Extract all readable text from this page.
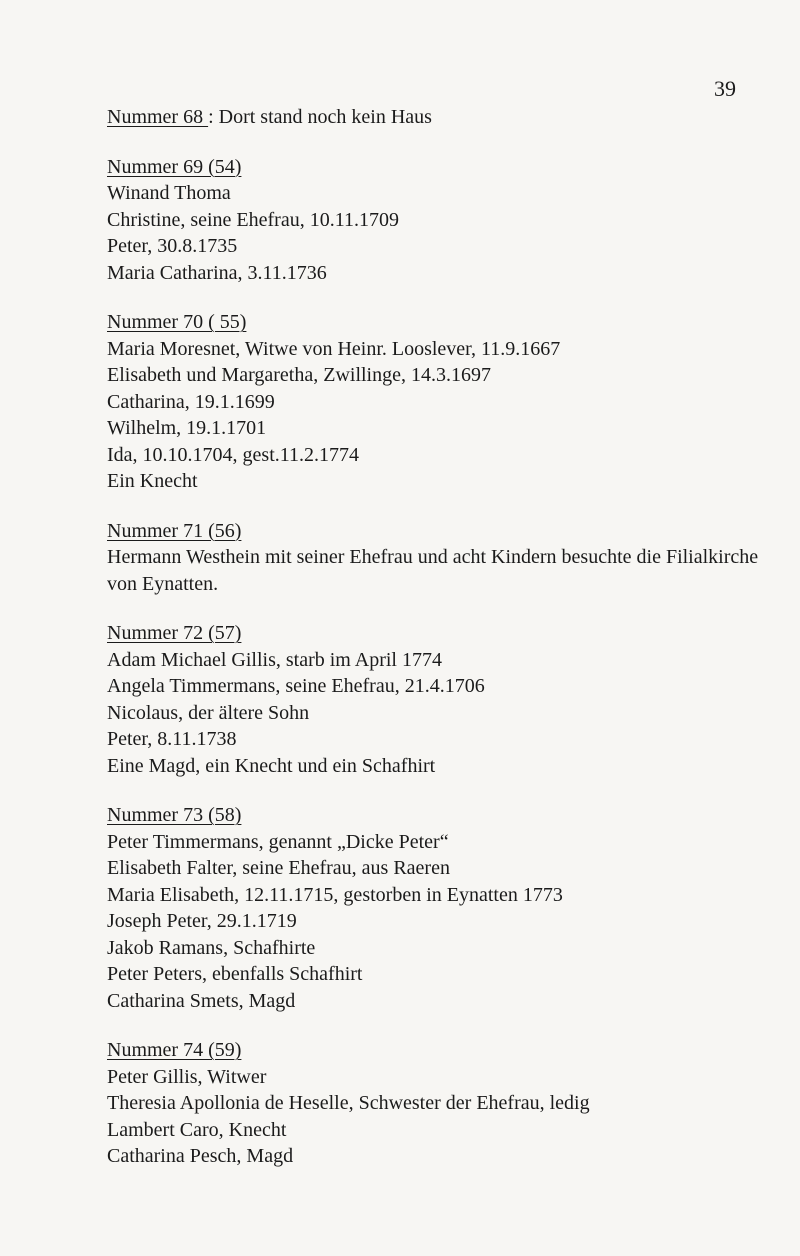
39
Nummer 68 : Dort stand noch kein Haus
Nummer 69 (54)
Winand Thoma
Christine, seine Ehefrau, 10.11.1709
Peter, 30.8.1735
Maria Catharina, 3.11.1736
Nummer 70 ( 55)
Maria Moresnet, Witwe von Heinr. Looslever, 11.9.1667
Elisabeth und Margaretha, Zwillinge, 14.3.1697
Catharina, 19.1.1699
Wilhelm, 19.1.1701
Ida, 10.10.1704, gest.11.2.1774
Ein Knecht
Nummer 71 (56)
Hermann Westhein mit seiner Ehefrau und acht Kindern besuchte die Filialkirche von Eynatten.
Nummer 72 (57)
Adam Michael Gillis, starb im April 1774
Angela Timmermans, seine Ehefrau, 21.4.1706
Nicolaus, der ältere Sohn
Peter, 8.11.1738
Eine Magd, ein Knecht und ein Schafhirt
Nummer 73 (58)
Peter Timmermans, genannt „Dicke Peter“
Elisabeth Falter, seine Ehefrau, aus Raeren
Maria Elisabeth, 12.11.1715, gestorben in Eynatten 1773
Joseph Peter, 29.1.1719
Jakob Ramans, Schafhirte
Peter Peters, ebenfalls Schafhirt
Catharina Smets, Magd
Nummer 74 (59)
Peter Gillis, Witwer
Theresia Apollonia de Heselle, Schwester der Ehefrau, ledig
Lambert Caro, Knecht
Catharina Pesch, Magd
